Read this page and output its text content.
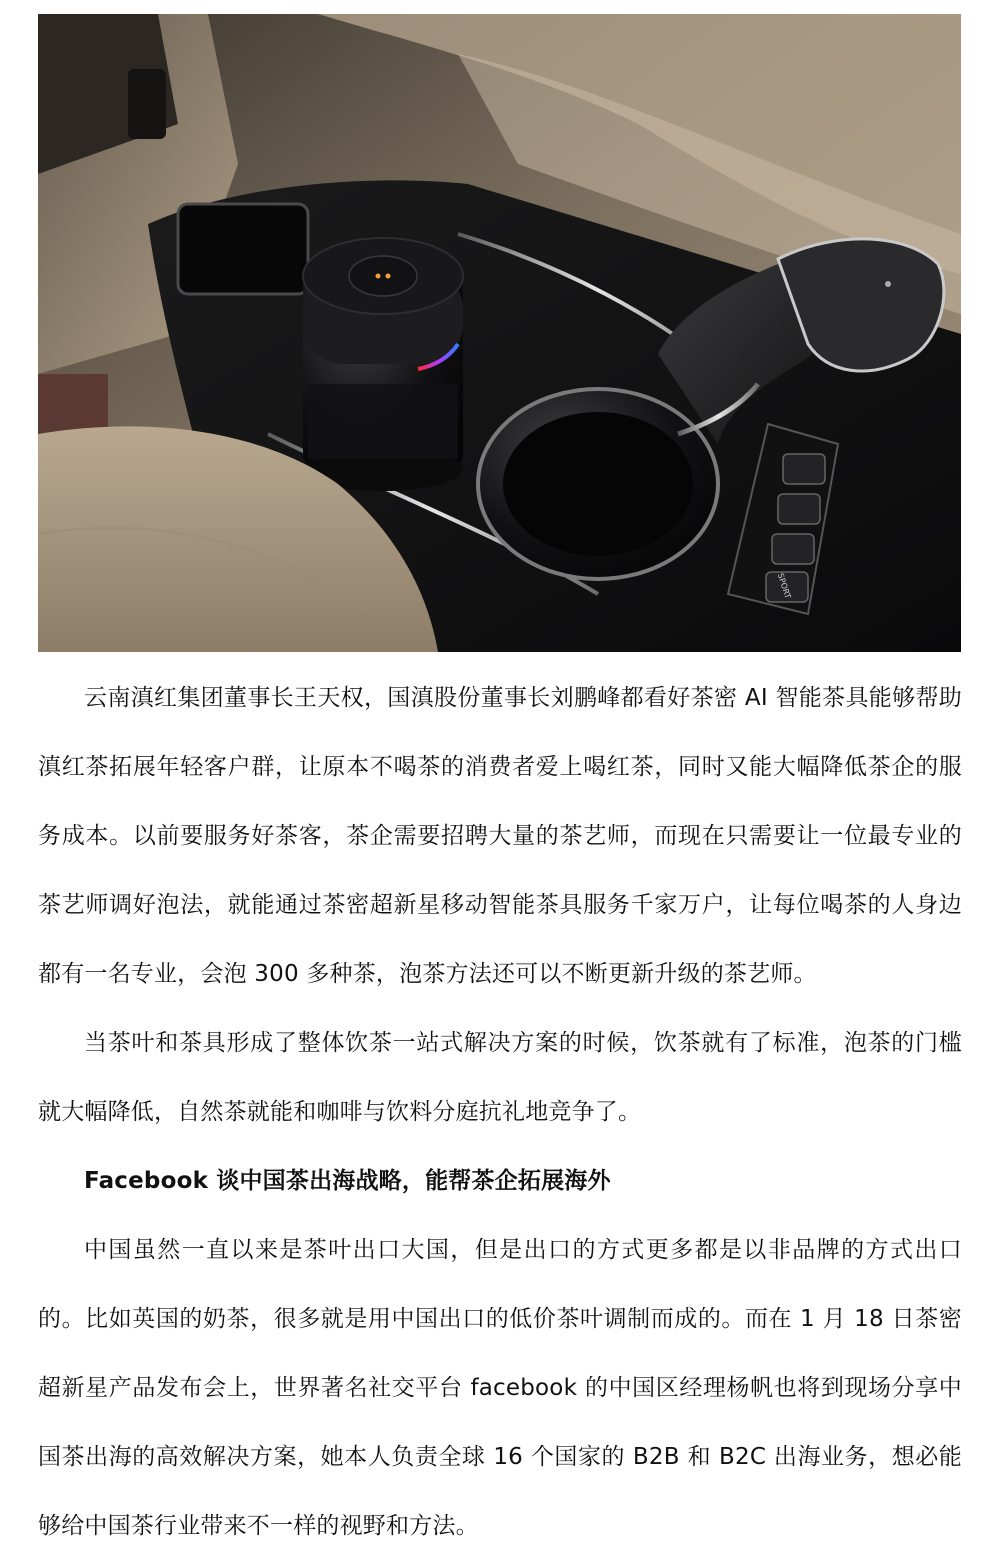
SPORT

云南滇红集团董事长王天权，国滇股份董事长刘鹏峰都看好茶密 AI 智能茶具能够帮助滇红茶拓展年轻客户群，让原本不喝茶的消费者爱上喝红茶，同时又能大幅降低茶企的服务成本。以前要服务好茶客，茶企需要招聘大量的茶艺师，而现在只需要让一位最专业的茶艺师调好泡法，就能通过茶密超新星移动智能茶具服务千家万户，让每位喝茶的人身边都有一名专业，会泡 300 多种茶，泡茶方法还可以不断更新升级的茶艺师。

当茶叶和茶具形成了整体饮茶一站式解决方案的时候，饮茶就有了标准，泡茶的门槛就大幅降低，自然茶就能和咖啡与饮料分庭抗礼地竞争了。

Facebook 谈中国茶出海战略，能帮茶企拓展海外

中国虽然一直以来是茶叶出口大国，但是出口的方式更多都是以非品牌的方式出口的。比如英国的奶茶，很多就是用中国出口的低价茶叶调制而成的。而在 1 月 18 日茶密超新星产品发布会上，世界著名社交平台 facebook 的中国区经理杨帆也将到现场分享中国茶出海的高效解决方案，她本人负责全球 16 个国家的 B2B 和 B2C 出海业务，想必能够给中国茶行业带来不一样的视野和方法。
